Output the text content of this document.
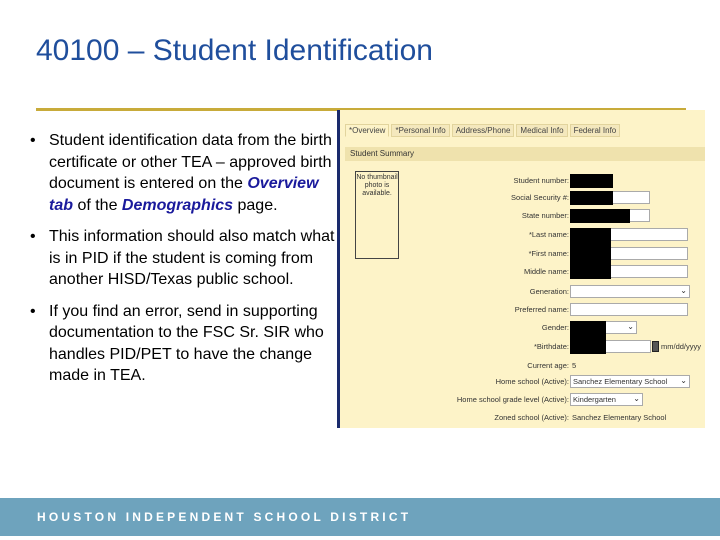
40100 – Student Identification
• Student identification data from the birth certificate or other TEA – approved birth document is entered on the Overview tab of the Demographics page.
• This information should also match what is in PID if the student is coming from another HISD/Texas public school.
• If you find an error, send in supporting documentation to the FSC Sr. SIR who handles PID/PET to have the change made in TEA.
*Overview	*Personal Info	Address/Phone	Medical Info	Federal Info
Student Summary
No thumbnail photo is available.
Student number:
Social Security #:
State number:
*Last name:
*First name:
Middle name:
Generation:	⌄
Preferred name:
Gender:	⌄
*Birthdate:	mm/dd/yyyy
Current age: 5
Home school (Active): Sanchez Elementary School ⌄
Home school grade level (Active): Kindergarten ⌄
Zoned school (Active): Sanchez Elementary School
HOUSTON INDEPENDENT SCHOOL DISTRICT
